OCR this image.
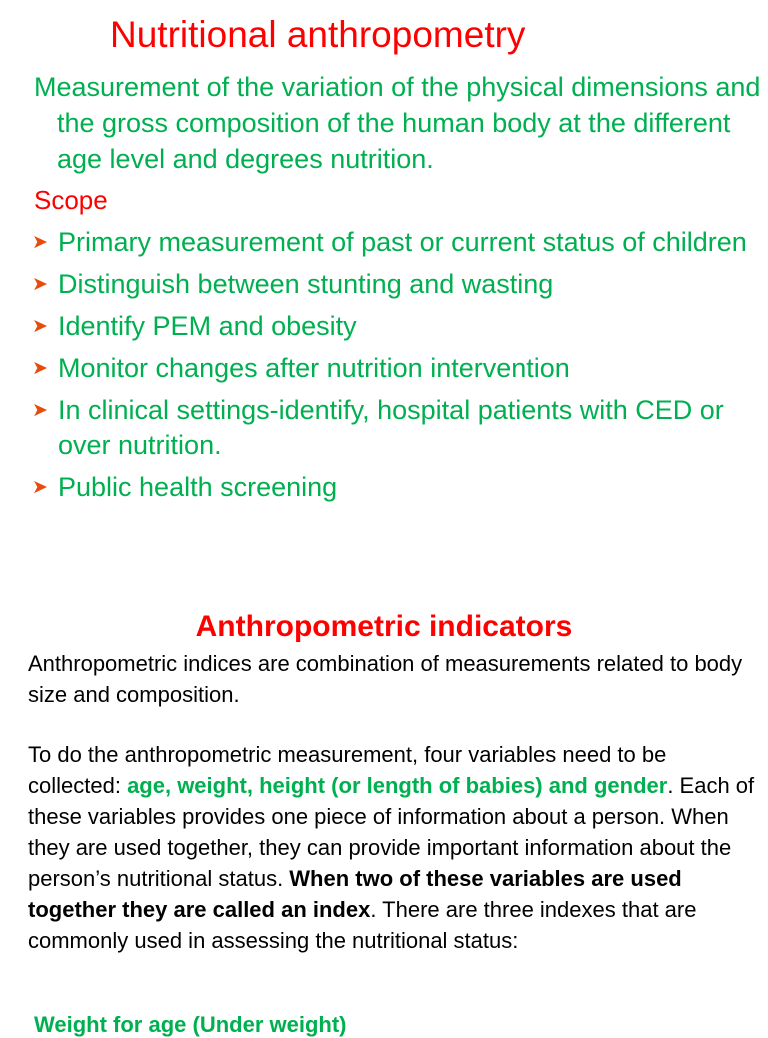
Nutritional anthropometry
Measurement of the variation of the physical dimensions and the gross composition of the human body at the different age level and degrees nutrition.
Scope
➤ Primary measurement of past or current status of children
➤ Distinguish between stunting and wasting
➤ Identify PEM and obesity
➤ Monitor changes after nutrition intervention
➤ In clinical settings-identify, hospital patients with CED or over nutrition.
➤ Public health screening
Anthropometric indicators
Anthropometric indices are combination of measurements related to body size and composition.
To do the anthropometric measurement, four variables need to be collected: age, weight, height (or length of babies) and gender. Each of these variables provides one piece of information about a person. When they are used together, they can provide important information about the person’s nutritional status. When two of these variables are used together they are called an index. There are three indexes that are commonly used in assessing the nutritional status:
Weight for age (Under weight)
